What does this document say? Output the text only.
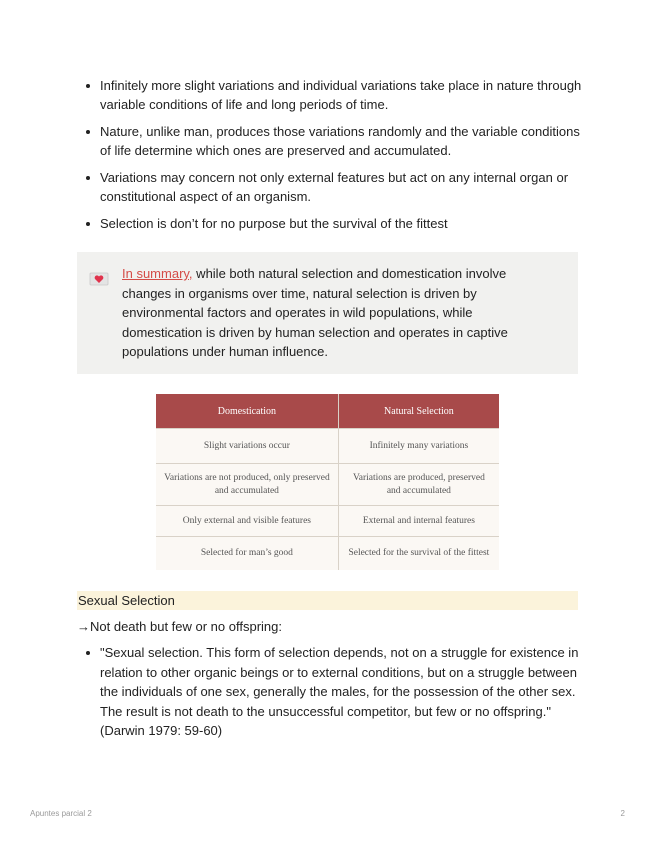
Infinitely more slight variations and individual variations take place in nature through variable conditions of life and long periods of time.
Nature, unlike man, produces those variations randomly and the variable conditions of life determine which ones are preserved and accumulated.
Variations may concern not only external features but act on any internal organ or constitutional aspect of an organism.
Selection is don’t for no purpose but the survival of the fittest
In summary, while both natural selection and domestication involve changes in organisms over time, natural selection is driven by environmental factors and operates in wild populations, while domestication is driven by human selection and operates in captive populations under human influence.
Domestication	Natural Selection
Slight variations occur	Infinitely many variations
Variations are not produced, only preserved and accumulated	Variations are produced, preserved and accumulated
Only external and visible features	External and internal features
Selected for man’s good	Selected for the survival of the fittest
Sexual Selection
→Not death but few or no offspring:
"Sexual selection. This form of selection depends, not on a struggle for existence in relation to other organic beings or to external conditions, but on a struggle between the individuals of one sex, generally the males, for the possession of the other sex. The result is not death to the unsuccessful competitor, but few or no offspring." (Darwin 1979: 59-60)
Apuntes parcial 2	2
